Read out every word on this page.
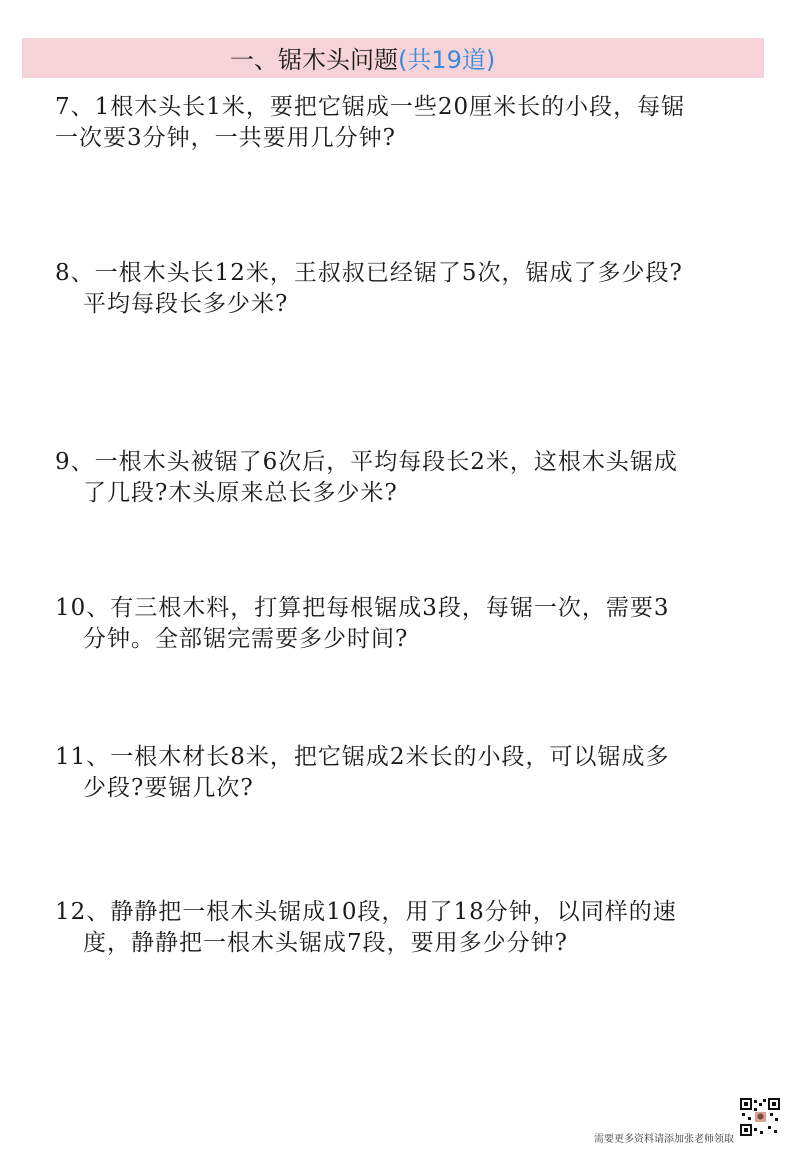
一、锯木头问题(共19道)
7、1根木头长1米，要把它锯成一些20厘米长的小段，每锯
一次要3分钟，一共要用几分钟?
8、一根木头长12米，王叔叔已经锯了5次，锯成了多少段?
平均每段长多少米?
9、一根木头被锯了6次后，平均每段长2米，这根木头锯成
了几段?木头原来总长多少米?
10、有三根木料，打算把每根锯成3段，每锯一次，需要3
分钟。全部锯完需要多少时间?
11、一根木材长8米，把它锯成2米长的小段，可以锯成多
少段?要锯几次?
12、静静把一根木头锯成10段，用了18分钟，以同样的速
度，静静把一根木头锯成7段，要用多少分钟?
需要更多资料请添加张老师领取
